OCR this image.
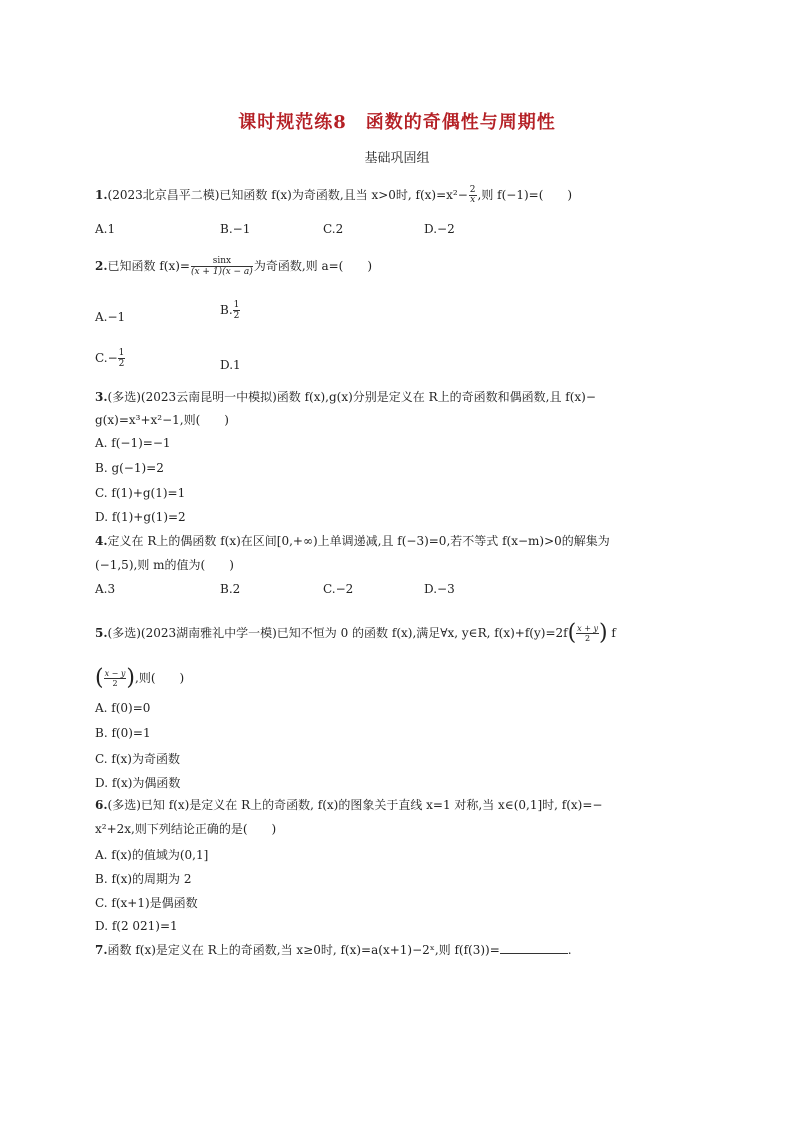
课时规范练8　函数的奇偶性与周期性
基础巩固组
1.(2023北京昌平二模)已知函数 f(x)为奇函数,且当 x>0时, $f(x)=x^2- \frac{2}{x}$ ,则 f(−1)=(　　)
A.1	B.−1	C.2	D.−2
2.已知函数 $f(x)= \frac{\sin x}{(x + 1)(x - a)}$ 为奇函数,则 a=(　　)
A.−1	B. $\frac{1}{2}$
$C.- \frac{1}{2}$	D.1
3.(多选)(2023云南昆明一中模拟)函数 f(x),g(x)分别是定义在 R上的奇函数和偶函数,且 f(x)−
g(x)=x³+x²−1,则(　　)
A. f(−1)=−1
B. g(−1)=2
C. f(1)+g(1)=1
D. f(1)+g(1)=2
4.定义在 R上的偶函数 f(x)在区间[0,+∞)上单调递减,且 f(−3)=0,若不等式 f(x−m)>0的解集为
(−1,5),则 m的值为(　　)
A.3	B.2	C.−2	D.−3
5.(多选)(2023湖南雅礼中学一模)已知不恒为 0 的函数 f(x),满足∀x, y∈R, $f(x)+f(y)=2f( \frac{x + y}{2}$ ) f
( $\frac{x - y}{2}$ ),则(　　)
A. f(0)=0
B. f(0)=1
C. f(x)为奇函数
D. f(x)为偶函数
6.(多选)已知 f(x)是定义在 R上的奇函数, f(x)的图象关于直线 x=1 对称,当 x∈(0,1]时, f(x)=−
x²+2x,则下列结论正确的是(　　)
A. f(x)的值域为(0,1]
B. f(x)的周期为 2
C. f(x+1)是偶函数
D. f(2 021)=1
7.函数 f(x)是定义在 R上的奇函数,当 x≥0时, f(x)=a(x+1)−2ˣ,则 f(f(3))=	.
